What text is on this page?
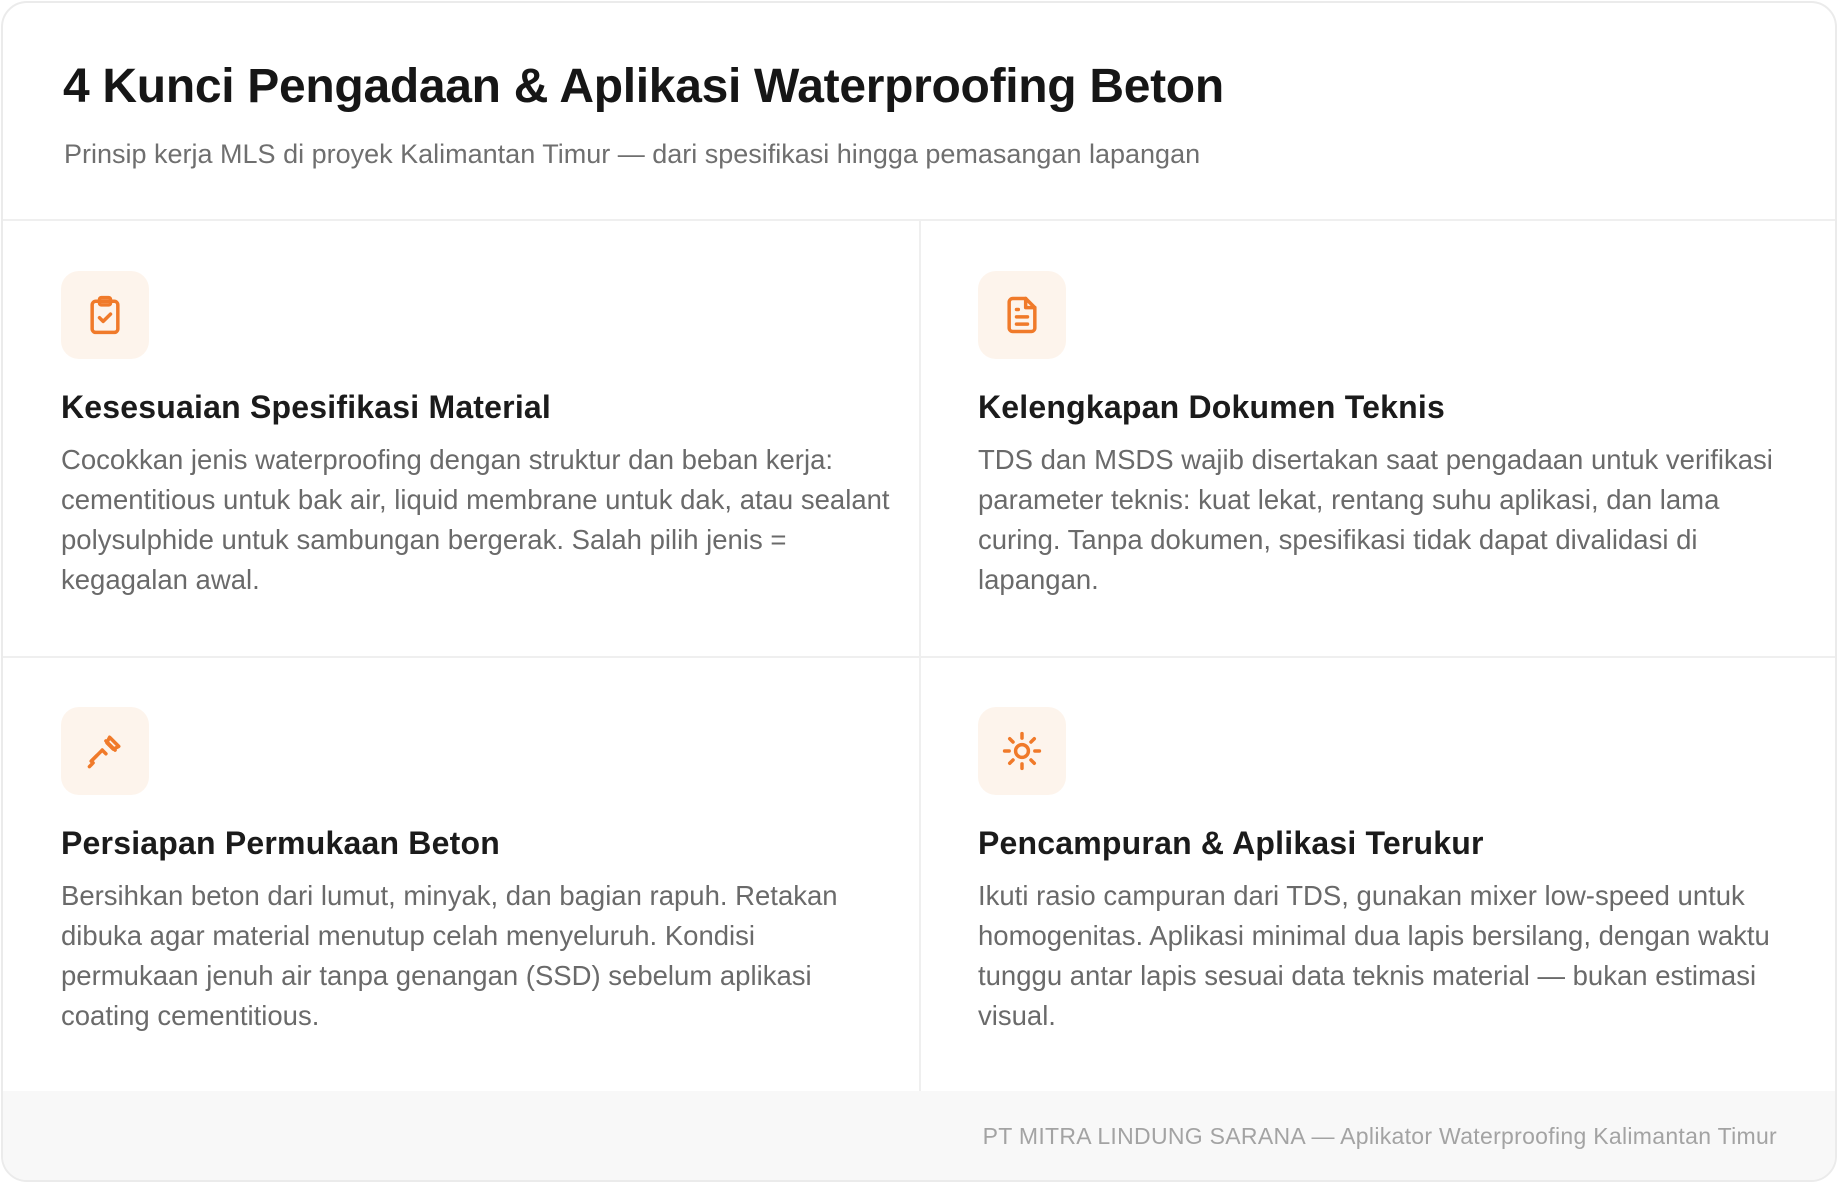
4 Kunci Pengadaan & Aplikasi Waterproofing Beton
Prinsip kerja MLS di proyek Kalimantan Timur — dari spesifikasi hingga pemasangan lapangan
Kesesuaian Spesifikasi Material
Cocokkan jenis waterproofing dengan struktur dan beban kerja: cementitious untuk bak air, liquid membrane untuk dak, atau sealant polysulphide untuk sambungan bergerak. Salah pilih jenis = kegagalan awal.
Kelengkapan Dokumen Teknis
TDS dan MSDS wajib disertakan saat pengadaan untuk verifikasi parameter teknis: kuat lekat, rentang suhu aplikasi, dan lama curing. Tanpa dokumen, spesifikasi tidak dapat divalidasi di lapangan.
Persiapan Permukaan Beton
Bersihkan beton dari lumut, minyak, dan bagian rapuh. Retakan dibuka agar material menutup celah menyeluruh. Kondisi permukaan jenuh air tanpa genangan (SSD) sebelum aplikasi coating cementitious.
Pencampuran & Aplikasi Terukur
Ikuti rasio campuran dari TDS, gunakan mixer low-speed untuk homogenitas. Aplikasi minimal dua lapis bersilang, dengan waktu tunggu antar lapis sesuai data teknis material — bukan estimasi visual.
PT MITRA LINDUNG SARANA — Aplikator Waterproofing Kalimantan Timur
